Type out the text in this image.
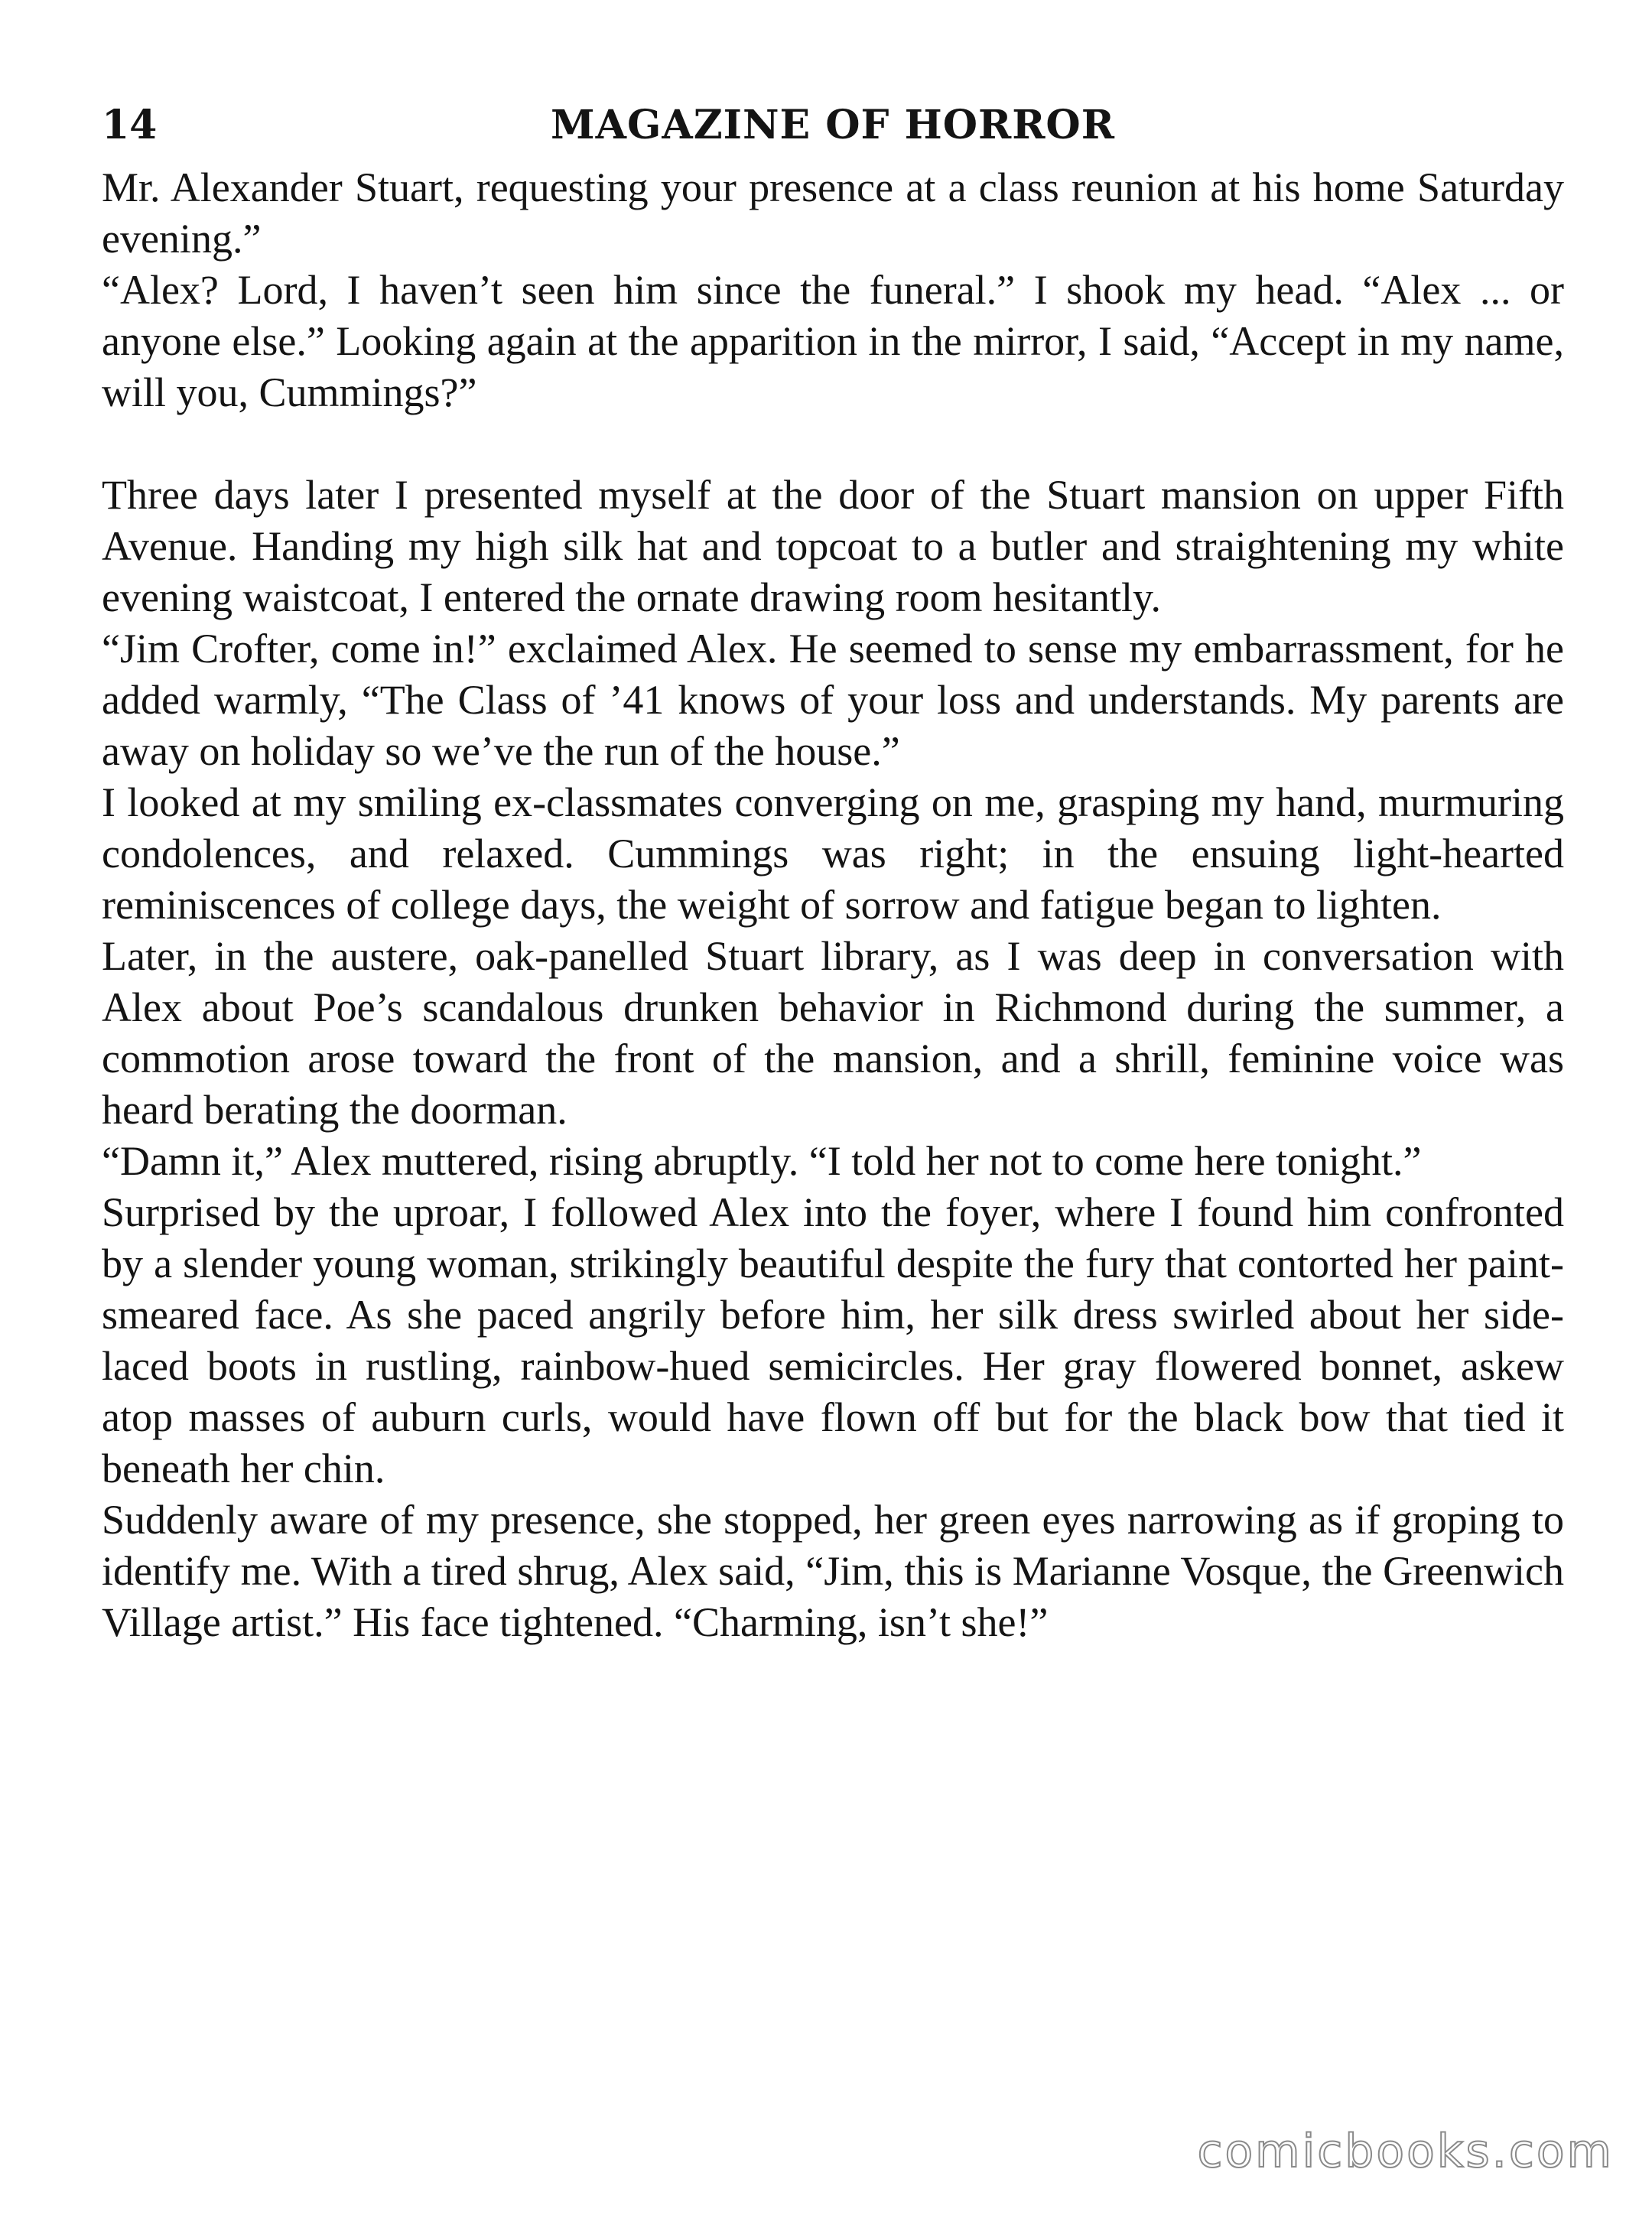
14	MAGAZINE OF HORROR

Mr. Alexander Stuart, requesting your presence at a class reunion at his home Saturday evening.”

“Alex? Lord, I haven’t seen him since the funeral.” I shook my head. “Alex ... or anyone else.” Looking again at the apparition in the mirror, I said, “Accept in my name, will you, Cummings?”

Three days later I presented myself at the door of the Stuart mansion on upper Fifth Avenue. Handing my high silk hat and topcoat to a butler and straightening my white evening waistcoat, I entered the ornate drawing room hesitantly.

“Jim Crofter, come in!” exclaimed Alex. He seemed to sense my embarrassment, for he added warmly, “The Class of ’41 knows of your loss and understands. My parents are away on holiday so we’ve the run of the house.”

I looked at my smiling ex-classmates converging on me, grasping my hand, murmuring condolences, and relaxed. Cummings was right; in the ensuing light-hearted reminiscences of college days, the weight of sorrow and fatigue began to lighten.

Later, in the austere, oak-panelled Stuart library, as I was deep in conversation with Alex about Poe’s scandalous drunken behavior in Richmond during the summer, a commotion arose toward the front of the mansion, and a shrill, feminine voice was heard berating the doorman.

“Damn it,” Alex muttered, rising abruptly. “I told her not to come here tonight.”

Surprised by the uproar, I followed Alex into the foyer, where I found him confronted by a slender young woman, strikingly beautiful despite the fury that contorted her paint-smeared face. As she paced angrily before him, her silk dress swirled about her side-laced boots in rustling, rainbow-hued semicircles. Her gray flowered bonnet, askew atop masses of auburn curls, would have flown off but for the black bow that tied it beneath her chin.

Suddenly aware of my presence, she stopped, her green eyes narrowing as if groping to identify me. With a tired shrug, Alex said, “Jim, this is Marianne Vosque, the Greenwich Village artist.” His face tightened. “Charming, isn’t she!”

comicbooks.com
